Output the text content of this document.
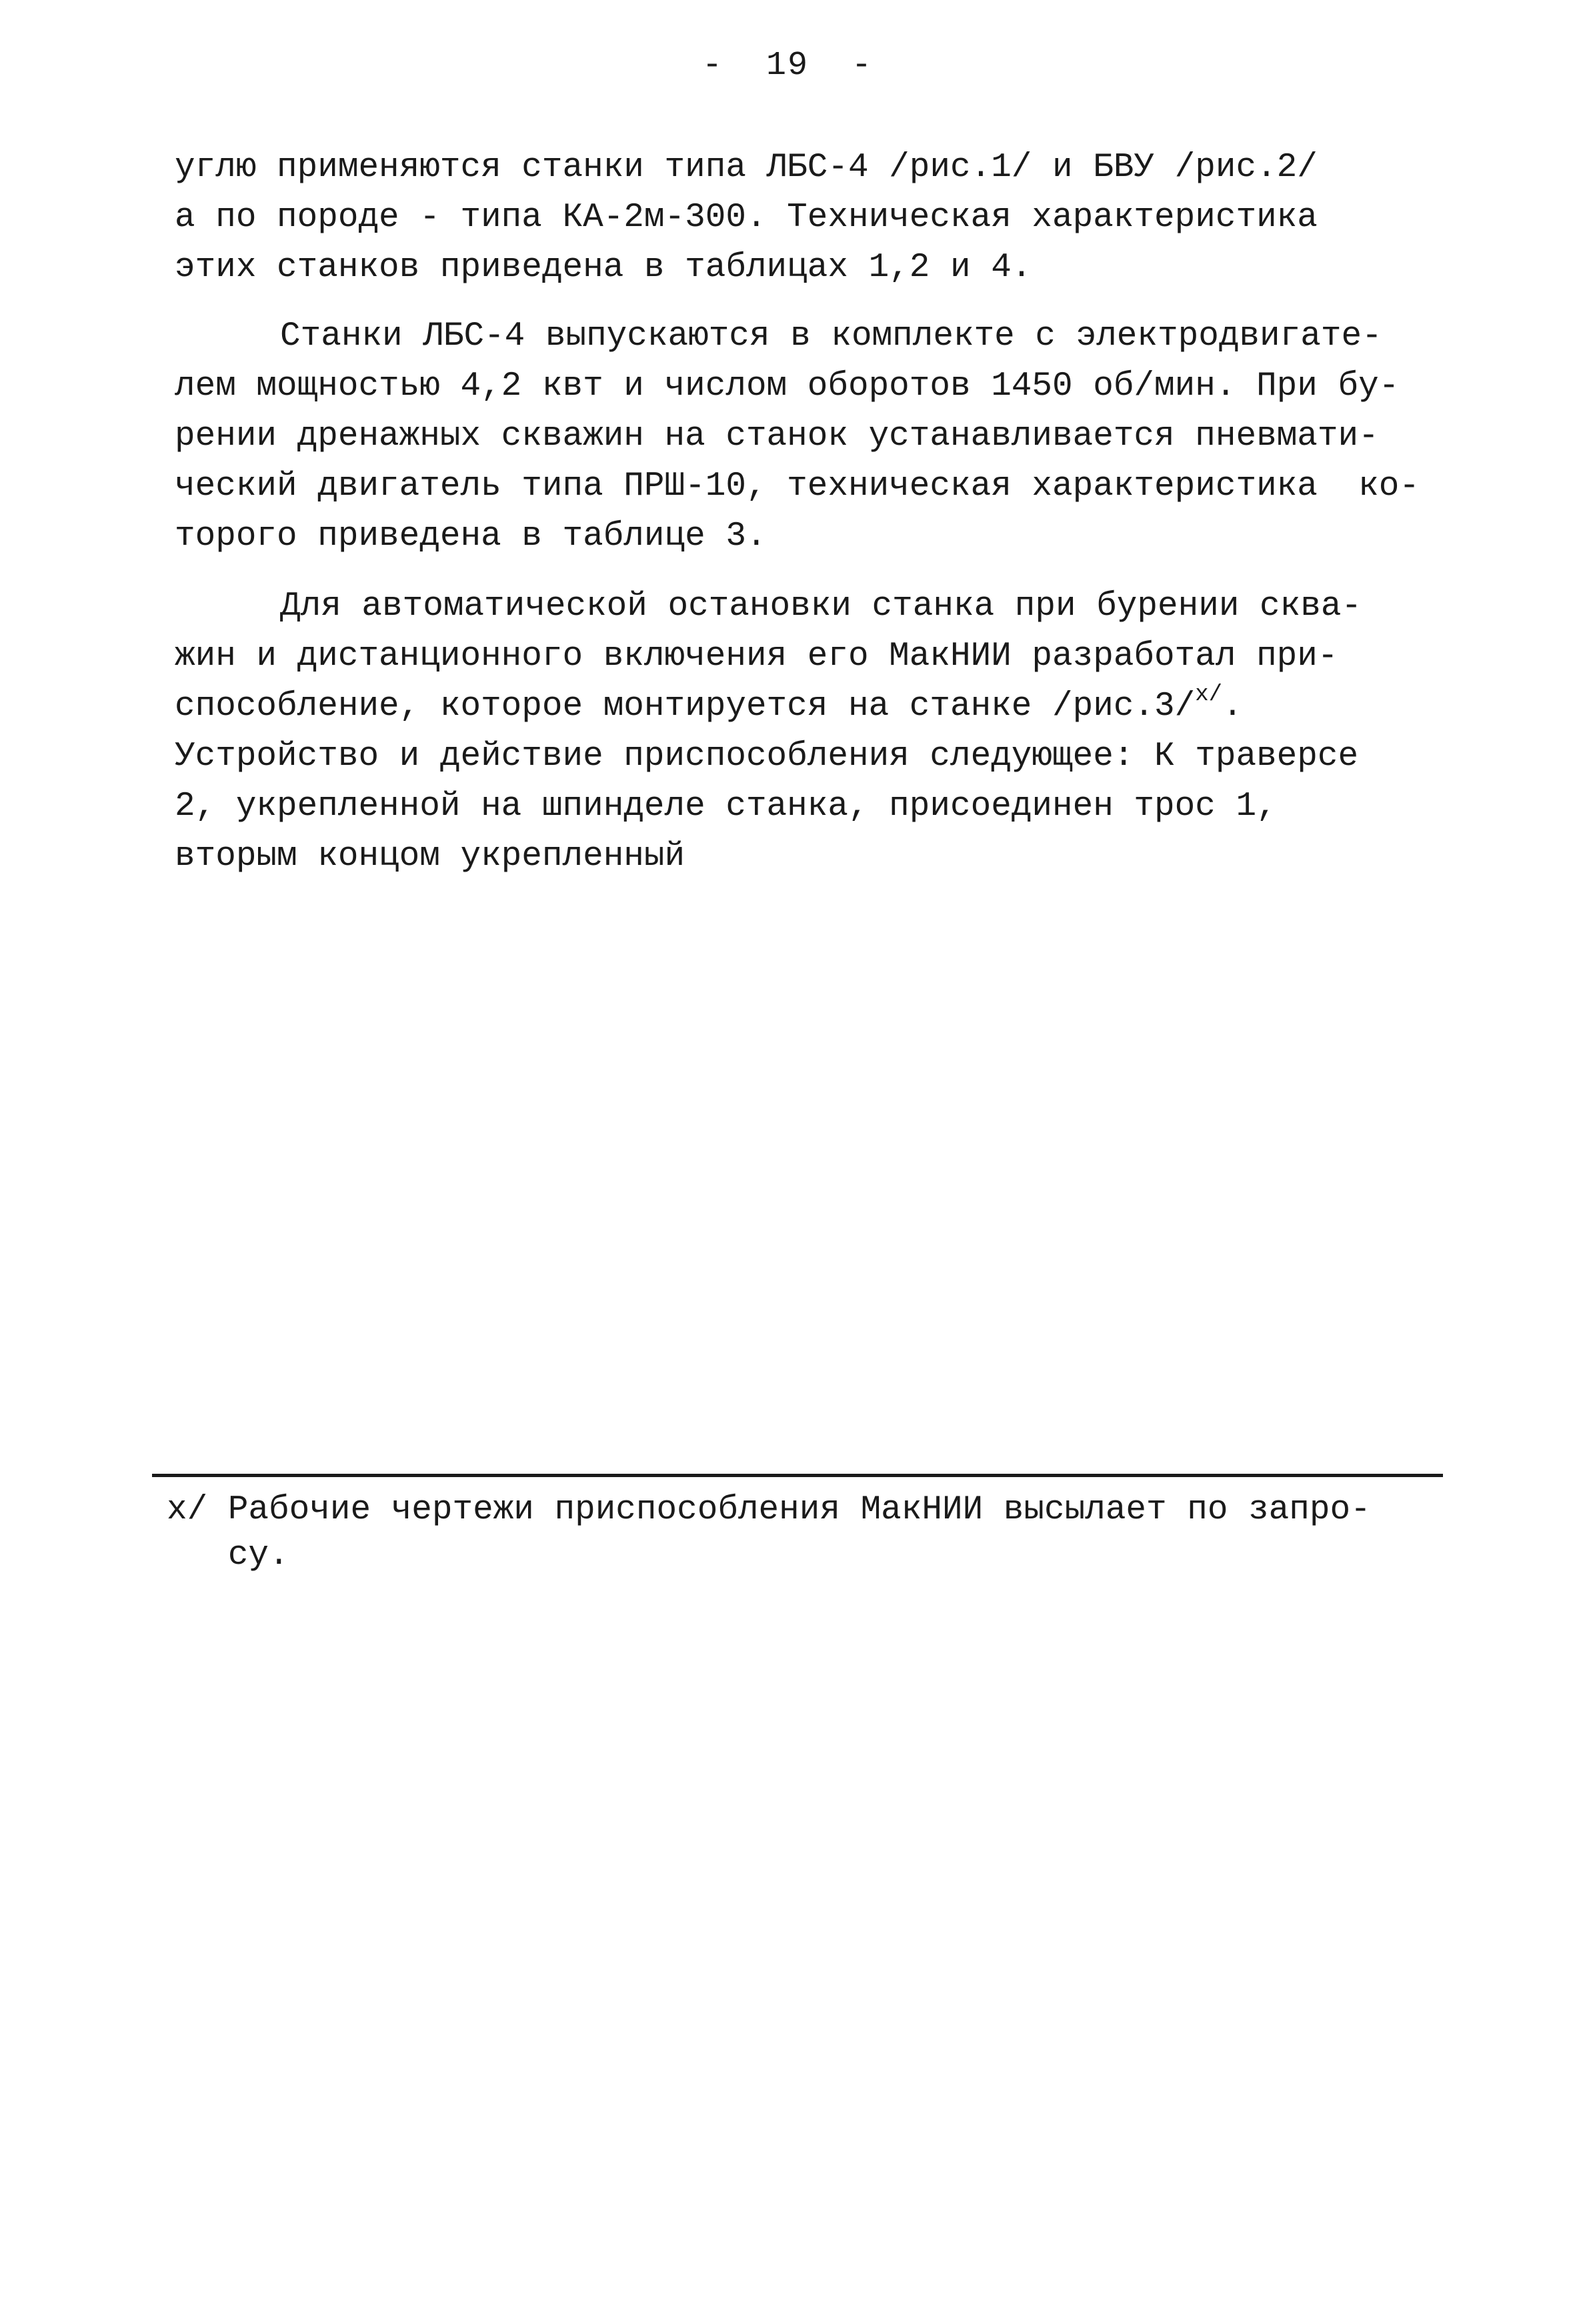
-  19  -
углю применяются станки типа ЛБС-4 /рис.1/ и БВУ /рис.2/
а по породе - типа КА-2м-300. Техническая характеристика
этих станков приведена в таблицах 1,2 и 4.
Станки ЛБС-4 выпускаются в комплекте с электродвигате-
лем мощностью 4,2 квт и числом оборотов 1450 об/мин. При бу-
рении дренажных скважин на станок устанавливается пневмати-
ческий двигатель типа ПРШ-10, техническая характеристика  ко-
торого приведена в таблице 3.
Для автоматической остановки станка при бурении сква-
жин и дистанционного включения его МакНИИ разработал при-
способление, которое монтируется на станке /рис.3/$^{x/}$.
Устройство и действие приспособления следующее: К траверсе
2, укрепленной на шпинделе станка, присоединен трос 1,
вторым концом укрепленный
x/ Рабочие чертежи приспособления МакНИИ высылает по запро-
су.
